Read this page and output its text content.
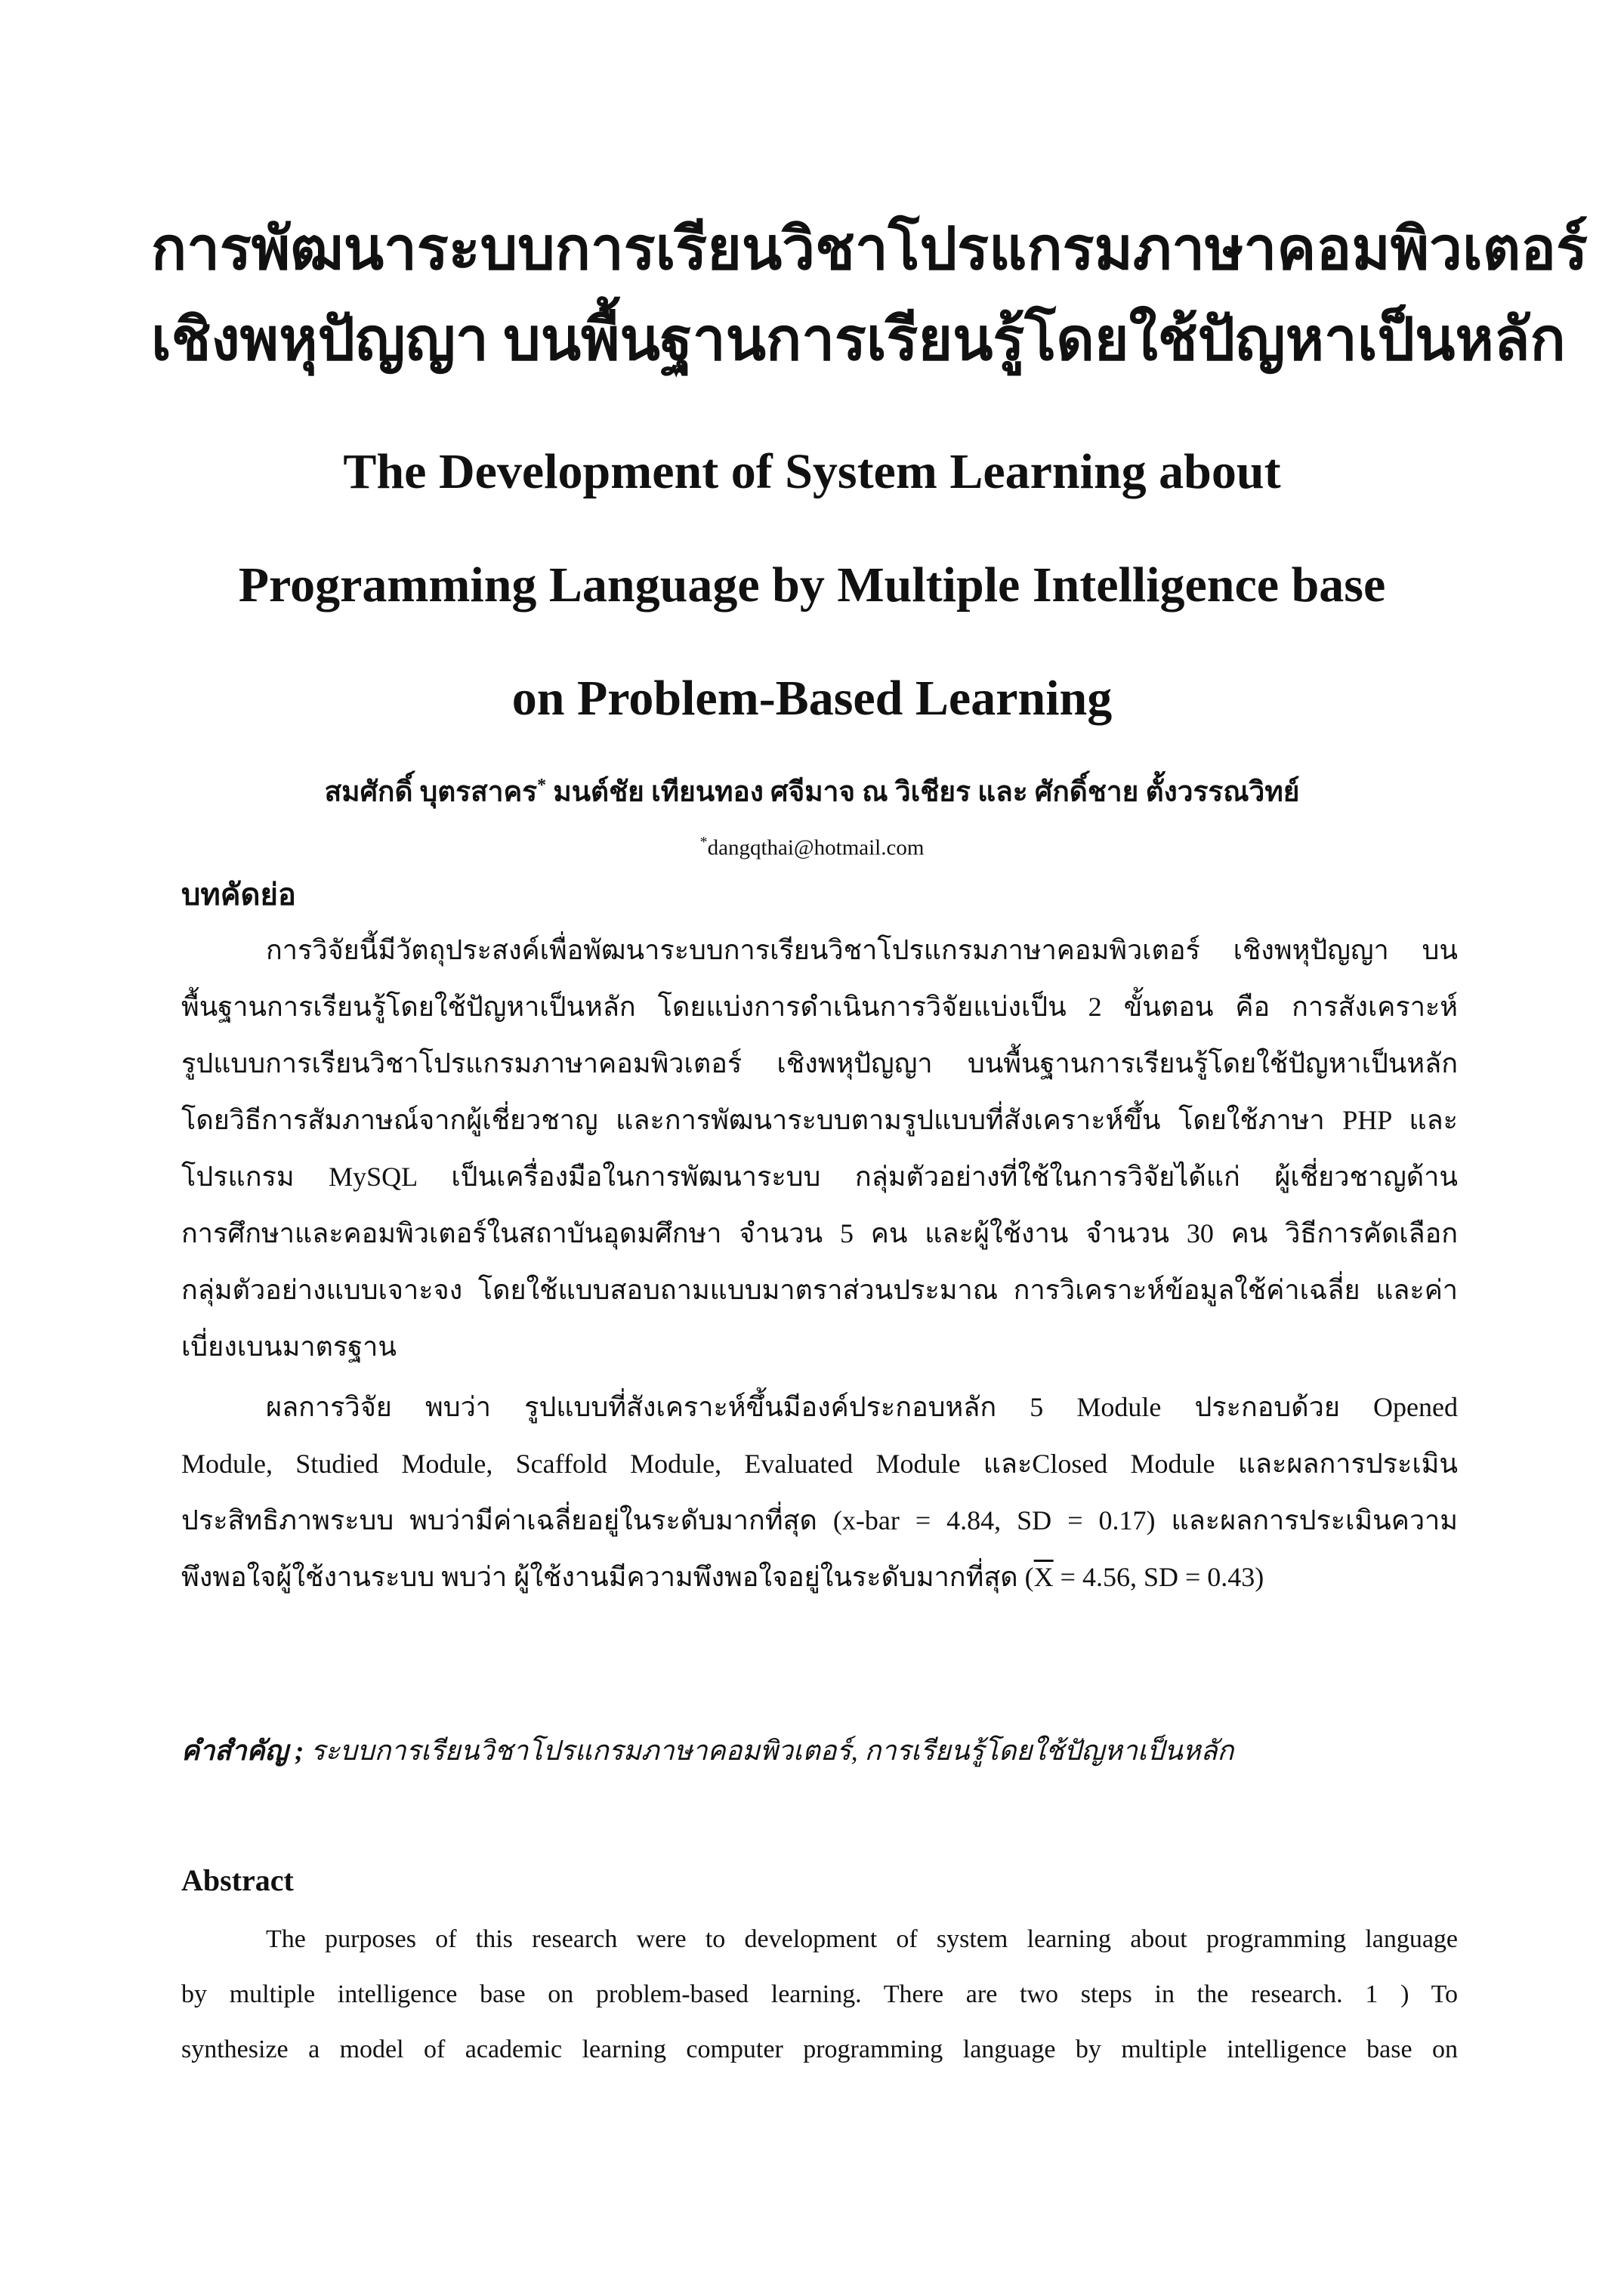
การพัฒนาระบบการเรียนวิชาโปรแกรมภาษาคอมพิวเตอร์
เชิงพหุปัญญา บนพื้นฐานการเรียนรู้โดยใช้ปัญหาเป็นหลัก
The Development of System Learning about
Programming Language by Multiple Intelligence base
on Problem-Based Learning
สมศักดิ์ บุตรสาคร* มนต์ชัย เทียนทอง ศจีมาจ ณ วิเชียร และ ศักดิ์ชาย ตั้งวรรณวิทย์
*dangqthai@hotmail.com
บทคัดย่อ
การวิจัยนี้มีวัตถุประสงค์เพื่อพัฒนาระบบการเรียนวิชาโปรแกรมภาษาคอมพิวเตอร์ เชิงพหุปัญญา บน
พื้นฐานการเรียนรู้โดยใช้ปัญหาเป็นหลัก โดยแบ่งการดำเนินการวิจัยแบ่งเป็น 2 ขั้นตอน คือ การสังเคราะห์
รูปแบบการเรียนวิชาโปรแกรมภาษาคอมพิวเตอร์ เชิงพหุปัญญา บนพื้นฐานการเรียนรู้โดยใช้ปัญหาเป็นหลัก
โดยวิธีการสัมภาษณ์จากผู้เชี่ยวชาญ และการพัฒนาระบบตามรูปแบบที่สังเคราะห์ขึ้น โดยใช้ภาษา PHP และ
โปรแกรม MySQL เป็นเครื่องมือในการพัฒนาระบบ กลุ่มตัวอย่างที่ใช้ในการวิจัยได้แก่ ผู้เชี่ยวชาญด้าน
การศึกษาและคอมพิวเตอร์ในสถาบันอุดมศึกษา จำนวน 5 คน และผู้ใช้งาน จำนวน 30 คน วิธีการคัดเลือก
กลุ่มตัวอย่างแบบเจาะจง โดยใช้แบบสอบถามแบบมาตราส่วนประมาณ การวิเคราะห์ข้อมูลใช้ค่าเฉลี่ย และค่า
เบี่ยงเบนมาตรฐาน
ผลการวิจัย พบว่า รูปแบบที่สังเคราะห์ขึ้นมีองค์ประกอบหลัก 5 Module ประกอบด้วย Opened
Module, Studied Module, Scaffold Module, Evaluated Module และClosed Module และผลการประเมิน
ประสิทธิภาพระบบ พบว่ามีค่าเฉลี่ยอยู่ในระดับมากที่สุด (x-bar = 4.84, SD = 0.17) และผลการประเมินความ
พึงพอใจผู้ใช้งานระบบ พบว่า ผู้ใช้งานมีความพึงพอใจอยู่ในระดับมากที่สุด ($\overline{X} = 4.56$, SD = 0.43)
คำสำคัญ ; ระบบการเรียนวิชาโปรแกรมภาษาคอมพิวเตอร์, การเรียนรู้โดยใช้ปัญหาเป็นหลัก
Abstract
The purposes of this research were to development of system learning about programming language
by multiple intelligence base on problem-based learning. There are two steps in the research. 1 ) To
synthesize a model of academic learning computer programming language by multiple intelligence base on
